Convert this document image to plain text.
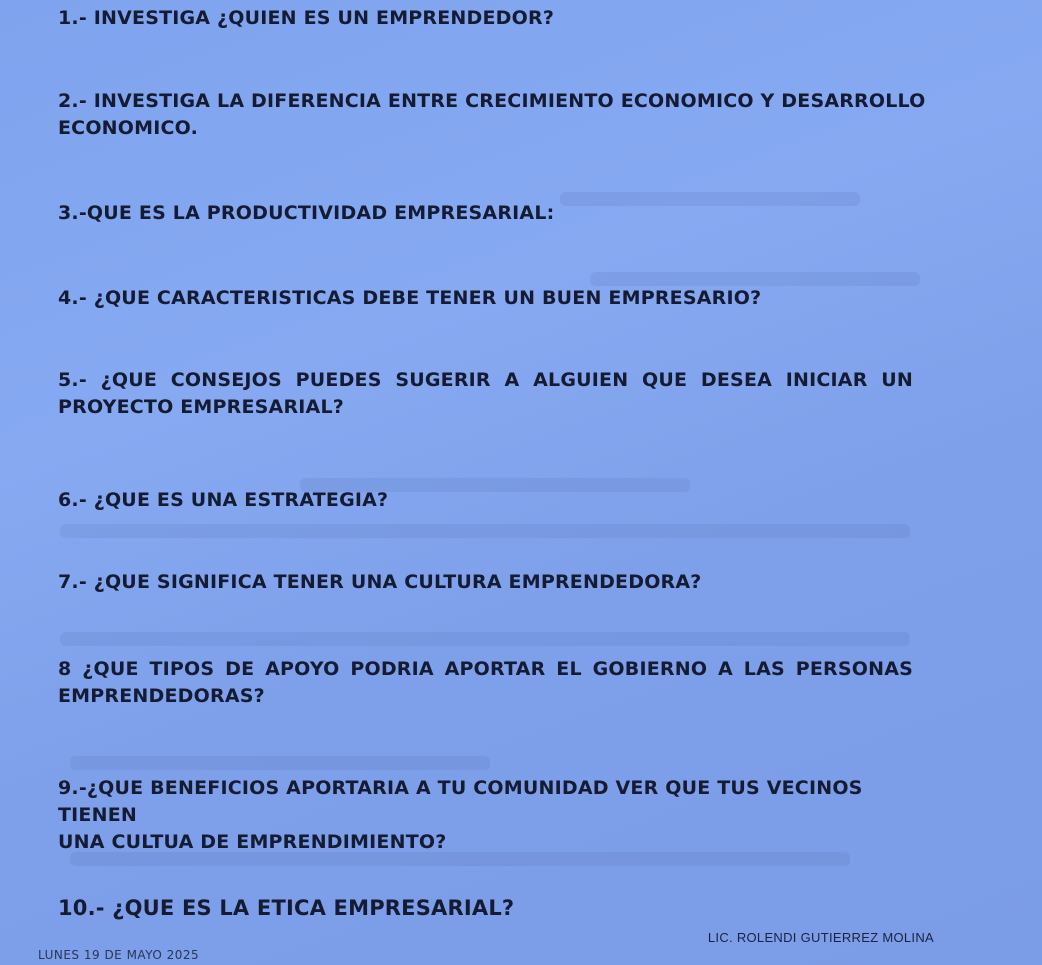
1.- INVESTIGA ¿QUIEN ES UN EMPRENDEDOR?

2.- INVESTIGA LA DIFERENCIA ENTRE CRECIMIENTO ECONOMICO Y DESARROLLO
ECONOMICO.

3.-QUE ES LA PRODUCTIVIDAD EMPRESARIAL:

4.- ¿QUE CARACTERISTICAS DEBE TENER UN BUEN EMPRESARIO?

5.- ¿QUE CONSEJOS PUEDES SUGERIR A ALGUIEN QUE DESEA INICIAR UN
PROYECTO EMPRESARIAL?

6.- ¿QUE ES UNA ESTRATEGIA?

7.- ¿QUE SIGNIFICA TENER UNA CULTURA EMPRENDEDORA?

8 ¿QUE TIPOS DE APOYO PODRIA APORTAR EL GOBIERNO A LAS PERSONAS
EMPRENDEDORAS?

9.-¿QUE BENEFICIOS APORTARIA A TU COMUNIDAD VER QUE TUS VECINOS TIENEN
UNA CULTUA DE EMPRENDIMIENTO?

10.- ¿QUE ES LA ETICA EMPRESARIAL?

LIC. ROLENDI GUTIERREZ MOLINA
LUNES 19 DE MAYO 2025
